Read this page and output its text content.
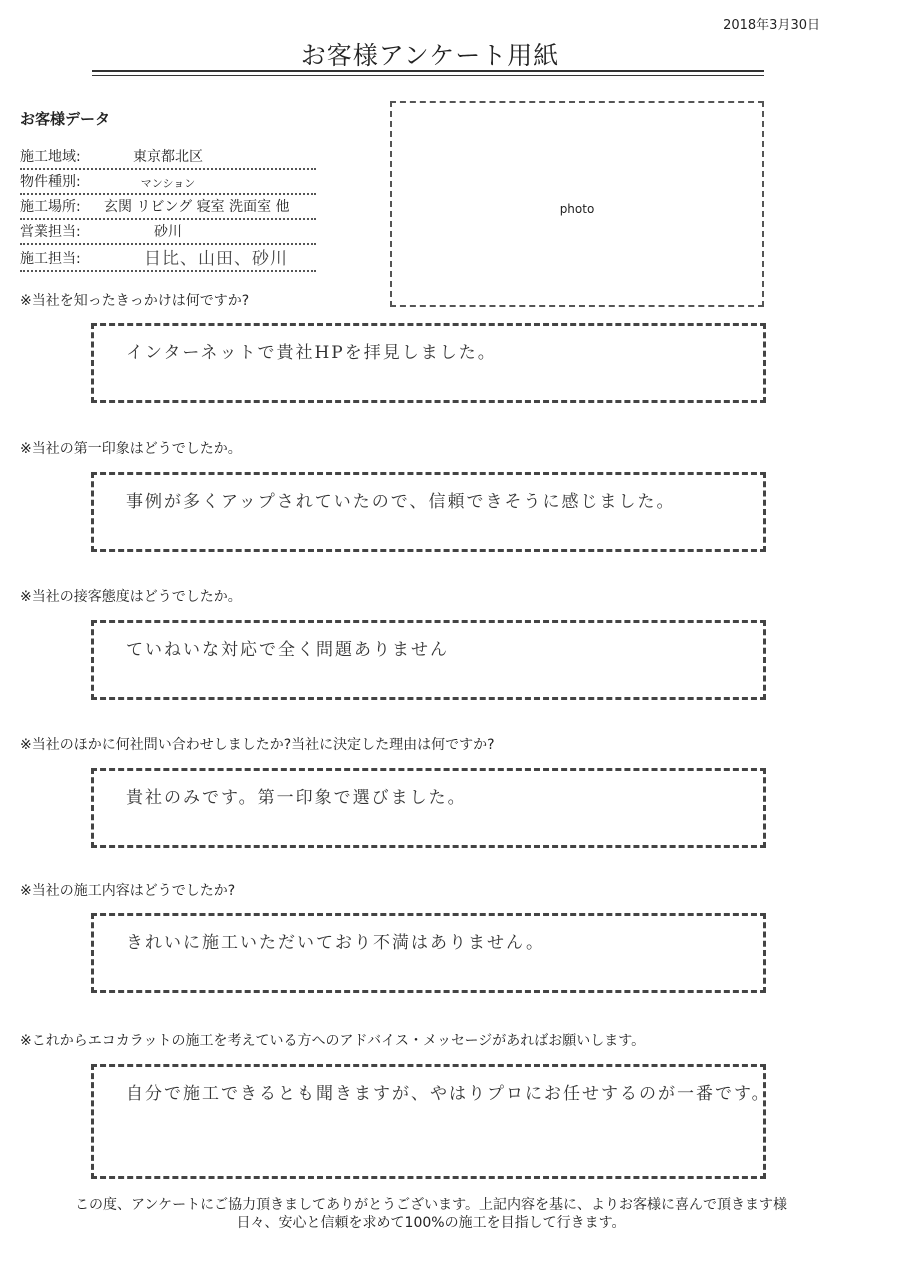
2018年3月30日
お客様アンケート用紙
お客様データ
施工地域:	東京都北区
物件種別:	マンション
施工場所: 玄関 リビング 寝室 洗面室 他
営業担当:	砂川
施工担当:	日比、山田、砂川
photo
※当社を知ったきっかけは何ですか?
インターネットで貴社HPを拝見しました。
※当社の第一印象はどうでしたか。
事例が多くアップされていたので、信頼できそうに感じました。
※当社の接客態度はどうでしたか。
ていねいな対応で全く問題ありません
※当社のほかに何社問い合わせしましたか?当社に決定した理由は何ですか?
貴社のみです。第一印象で選びました。
※当社の施工内容はどうでしたか?
きれいに施工いただいており不満はありません。
※これからエコカラットの施工を考えている方へのアドバイス・メッセージがあればお願いします。
自分で施工できるとも聞きますが、やはりプロにお任せするのが一番です。
この度、アンケートにご協力頂きましてありがとうございます。上記内容を基に、よりお客様に喜んで頂きます様
日々、安心と信頼を求めて100%の施工を目指して行きます。
